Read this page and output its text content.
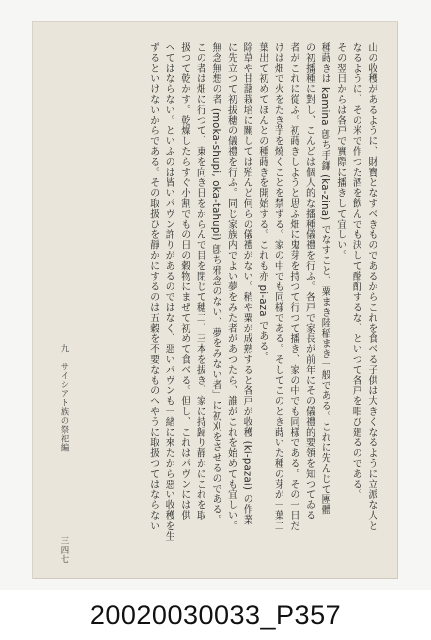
山の收穫があるように、財寳となすべきものであるからこれを食べる子供は大きくなるように立派な人と
なるように、その米で作つた酒を飲んでも決して酩酊するな、といつて各戸を唱び廻るのである。
その翌日からは各戸で實際に播きして宜しい。
種蒔きは kamina 卽ち手鎌 (ka-zina) でなすこと、粟まき陸稲まき一般である。これに先んじて團體
の初播種に對し、こんどは個人的な播種儀禮を行ふ。各戸で家長が前年にその儀禮的要領を知つてゐる
者がこれに從ふ。初蒔きしようと思ふ畑に鬼芽を持つて行つて播き、家の中でも同樣である。その一日だ
けは畑で火をたき芋を燒くことを禁ずる。家の中でも同樣である。そしてこのとき蒔いた種の芽が一葉二
葉出て初めてほんとの種蒔きを開始する。これも亦 pi-aza である。
除草や甘藷栽培に關しては殆んど何らの儀禮がない。稍や粟が成熟すると各戸が收穫 (ki-pazai) の作業
に先立つて初拔穗の儀禮を行ふ。同じ家族内でよい夢をみた者があつたら、誰がこれを始めても宜しい。
無念無想の者 (moka-shupi, oka-tahupi) 卽ち邪念のない、夢をみない者」に初刈をさせるのである。
この者は畑に行つて、東を向き日をからんで目を閉じて穗二、三本を拔き、家に持歸り靜かにこれを取
扱つて乾かす。乾燥したらすぐ小割でもの日の穀物にまぜて初めて食べる。但し、これはパヴンには供
へてはならない。といふのは皆いパヴン許りがあるのではなく、惡いパヴンも一緒に來たから惡い收穫を生
ずるといけないからである。その取扱ひを靜かにするのは五穀を不要なものへやうに取扱つてはならない
九　サイシアト族の祭祀編
三四七
20020030033_P357
